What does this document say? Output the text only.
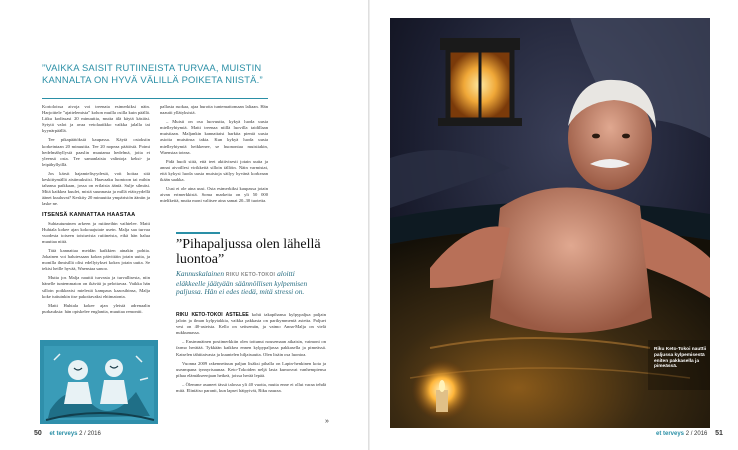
”VAIKKA SAISIT RUTIINEISTA TURVAA, MUISTIN KANNALTA ON HYVÄ VÄLILLÄ POIKETA NIISTÄ.”

Korioloissa aivoja voi treenata esimerkiksi näin. Harjoittele ”ajattelemista” kohon muilla osilla kuin päällä. Liiku kodissasi 20 minuuttia, mutta älä käytä käsiäsi. Sytytä valot ja avaa vetolaatikko vaikka jalalla tai kyynärpäällä.

Tee pikapäätöksiä kaupassa. Käytä ostoksiin korkeintaan 20 minuuttia. Tee 20 nopeaa päätöstä. Poimi hedelmähyllystä paaslin muutama hedelmä, joita et yleensä osta. Tee samanlaisia valintoja keksi- ja leipähyllyillä.

Jos kärsit hajamielisyydestä, voit hoitaa sitä keskittymällä aistimuksiisi. Haavaaku luontoon tai mihin tahansa paikkaan, jossa on erilaisia ääniä. Sulje silmäsi. Mitä kaikkea kuulet, mistä suunnasta ja millä etäisyydellä äänet kuuluvat? Keskity 20 minuuttia ympäristön ääniin ja laske ne.

ITSENSÄ KANNATTAA HAASTAA

Suhtautuminen arkeen ja rutiineihin vaihtelee. Matti Huhtala kokee ajan kokouajutate usein. Malja saa turvaa vuodesta toiseen toistuvista rutiineista, eikä hän halua muuttaa niitä.

Tätä kannattaa meidän kaikkien ainakin pohtia. Jokainen voi halutessaan kokea päivittäin jotain uutta, ja monilla ihmisillä olisi edellytykset kokea jotain uutta. Se tekisi heille hyvää, Waenstaa sanoo.

Mutta jos Malja nauttii turvasta ja turvallisesta, niin hänelle tuntemmaton on ikävää ja pelottavaa. Vaikka hän silloin poikkeaisi mielestä kampaus kaaosihinsa, Malja koke tuttuinkin itse pakottavaksi ehtimatonta.

Matti Huhtala kokee ajan yleistä adrenaalin purkauksia: hän opiskelee englantia, muuttaa remontti.

pallasta ruokaa, ajaa hurotta tuntemattomaan laliaan. Hän naautii yllätyksistä.

– Muisti on osa luovuutta, kykyä luoda uusia mielleyhtymiä. Matti treenaa niillä luovilla taidillaan muistiaan. Maljankin kannattaisi harkita pientä uusia asioita muistinsa takia. Kun kykyä luoda uusia mielleyhtymiä heikkenee, se huonontaa muistiakin, Waenstaa toteaa.

Pidä huoli siitä, että teet aktiivisesti jotain uutta ja annat aivoillesi virikkeitä silloin tällöin. Näin varmistat, että kykysi luoda uusia muistoja säilyy hyvänä korkeaan ikään saakka.

Uusi ei ole aina uusi. Osta esimerkiksi kaupassa jotain aivan erimerkkistä. Soma markeita on yli 50 000 mielikeitä, mutta moni valitsee aina samat 20–30 tuotetta.

50 et terveys 2 / 2016
”Pihapaljussa olen lähellä luontoa”
Kannuskalainen RIKU KETO-TOKOI aloitti eläkkeelle jäätyään säännöllisen kylpemisen paljussa. Hän ei edes tiedä, mitä stressi on.

RIKU KETO-TOKOI ASTELEE kohti takapihansa kylpypaljua paljain jaloin ja ilman kylpytakkia, vaikka pakkasta on parikymmentä astetta. Paljuet vesi on 40-asteista. Kello on seitsemän, ja vaimo Anna-Malja on vielä nukkumassa.

– Ensimmäinen postimerkkiin olen tottunut nousemaan aikaisin, vaimoni on farmo herätää. Tykkään kaikkea ennen kylpypaljassa pakkasella ja pimeässä. Katselen tähtitaivasta ja kuuntelen hiljaisuutta. Olen lisäin osa luontoa.

Vuonna 2009 rakennettuun paljun lisäksi pihalla on Lapin-henkinen kota ja useampana tynnyrisaunaa. Keto-Tokoiden neljä lasta kumosvat vanhempiensa pihaa elämäkseenjaan hetkeä, joissa herää lepää.

– Ölemme asuneet tässä talossa yli 40 vuotta, mutta enne ei ollut varaa tehdä mitä. Eliniäiso paranit, kun lapset häipyivät, Riku nauraa.

»
Riku Keto-Tokoi nauttii paljussa kylpemisestä eniten pakkasella ja pimeässä.
et terveys 2 / 2016 51
